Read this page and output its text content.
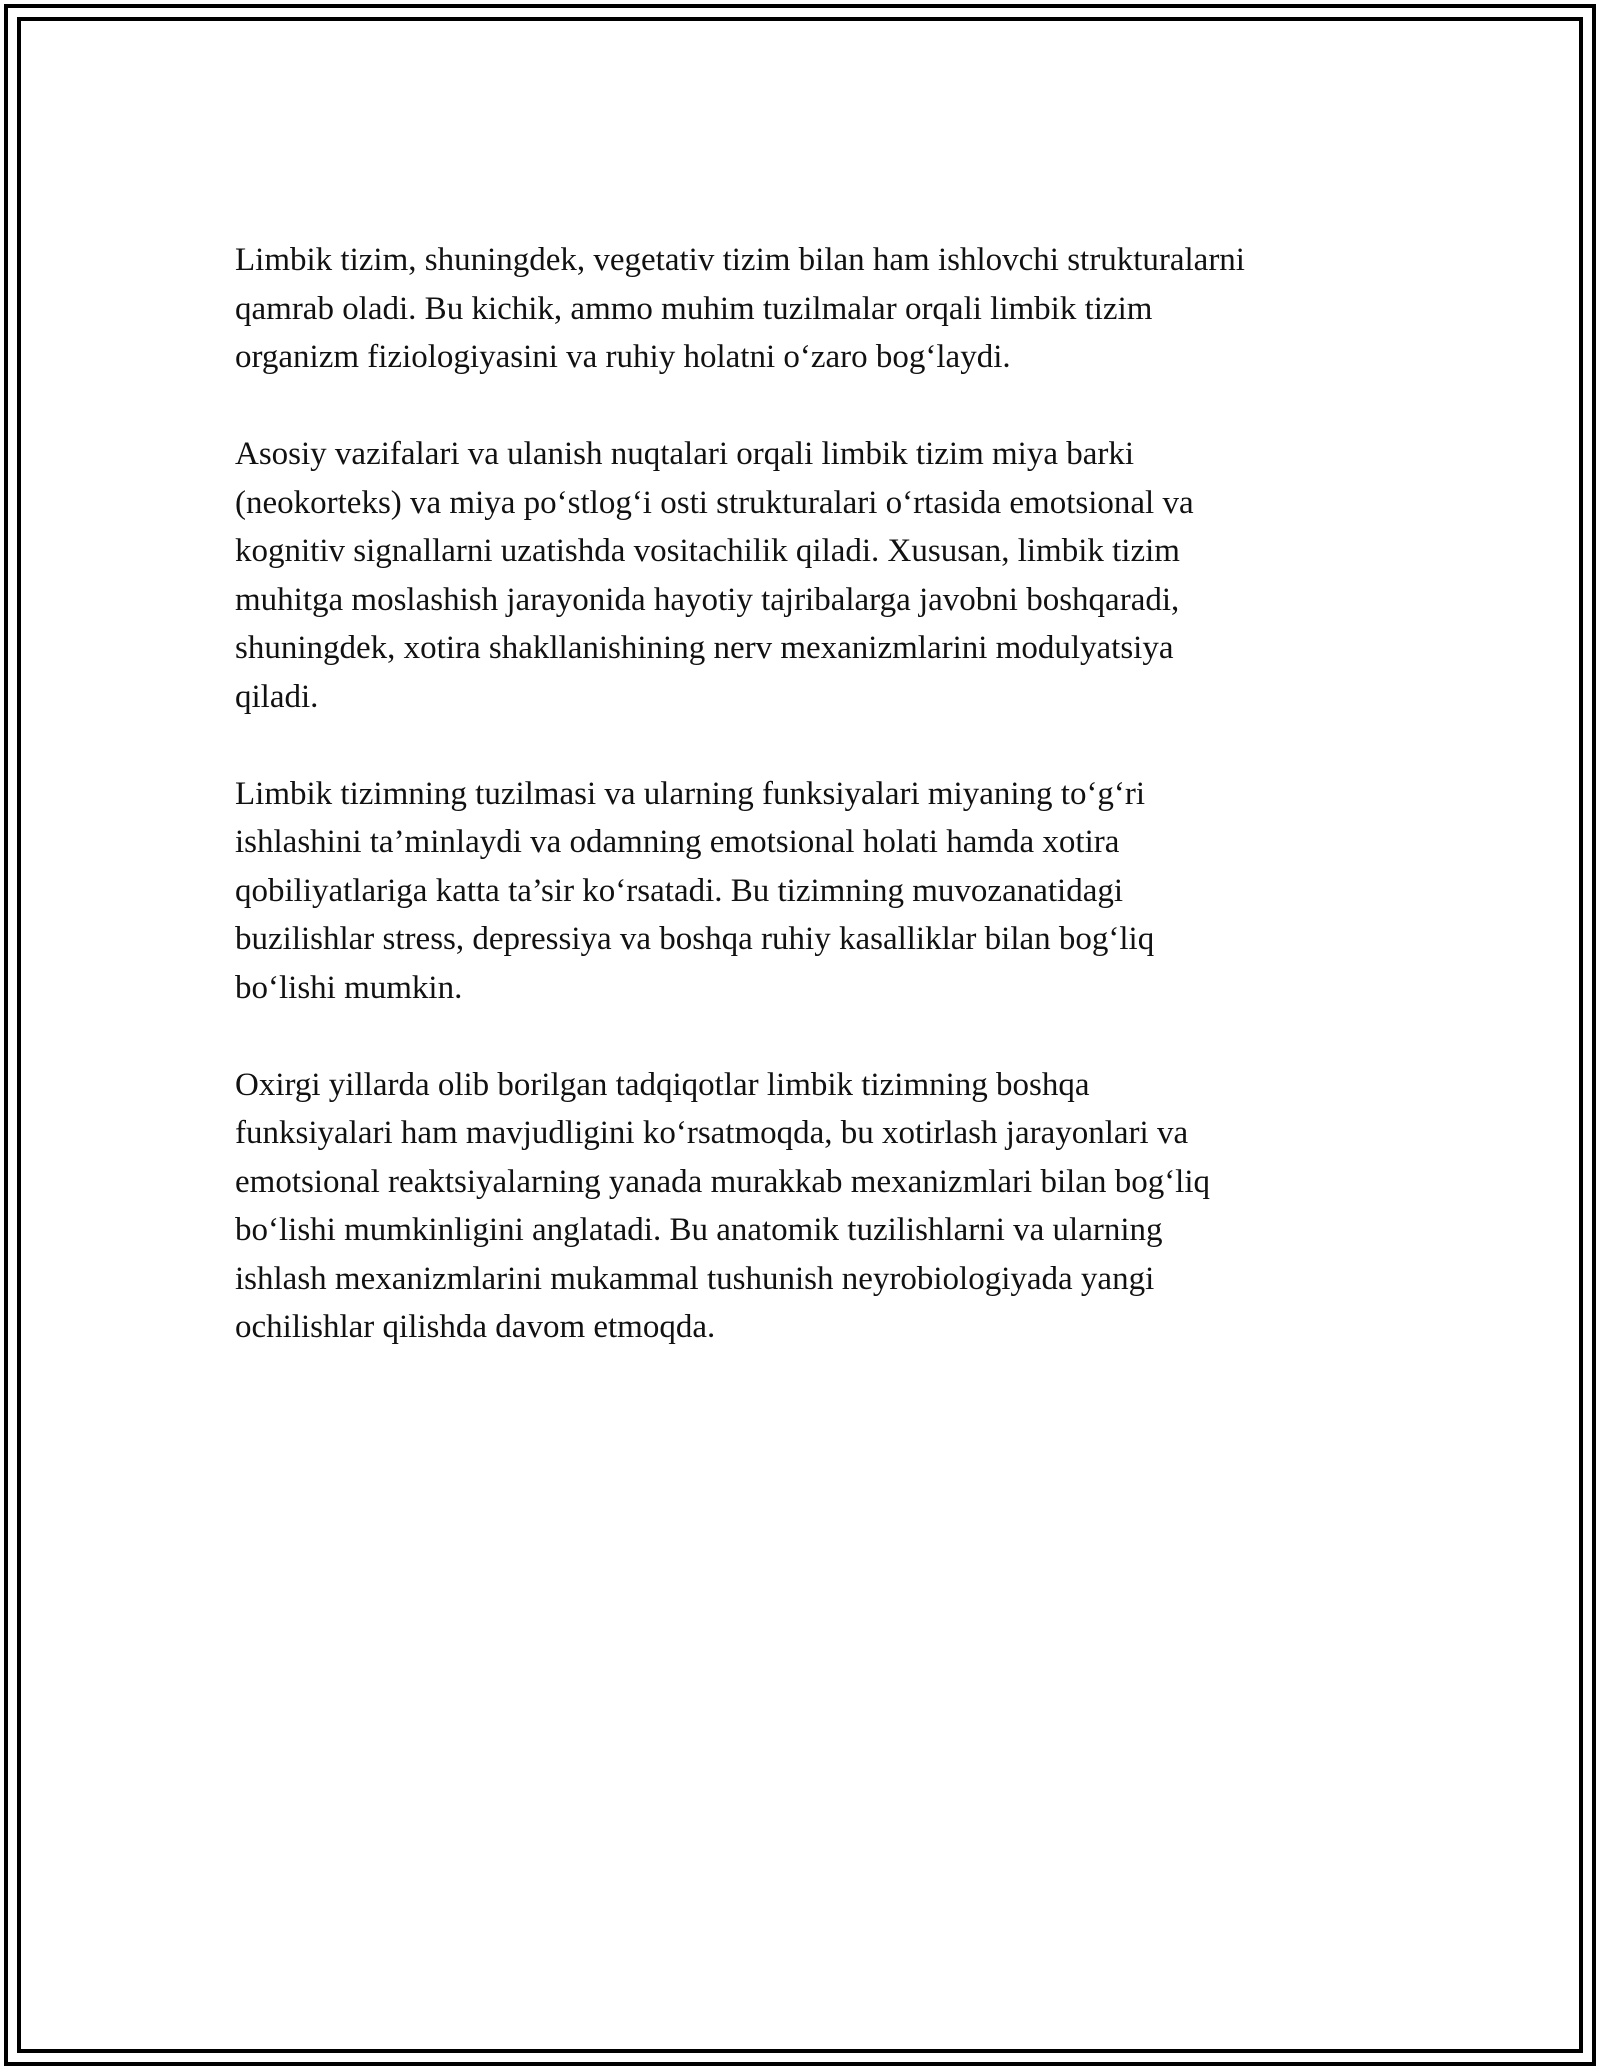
Limbik tizim, shuningdek, vegetativ tizim bilan ham ishlovchi strukturalarni
qamrab oladi. Bu kichik, ammo muhim tuzilmalar orqali limbik tizim
organizm fiziologiyasini va ruhiy holatni o‘zaro bog‘laydi.

Asosiy vazifalari va ulanish nuqtalari orqali limbik tizim miya barki
(neokorteks) va miya po‘stlog‘i osti strukturalari o‘rtasida emotsional va
kognitiv signallarni uzatishda vositachilik qiladi. Xususan, limbik tizim
muhitga moslashish jarayonida hayotiy tajribalarga javobni boshqaradi,
shuningdek, xotira shakllanishining nerv mexanizmlarini modulyatsiya
qiladi.

Limbik tizimning tuzilmasi va ularning funksiyalari miyaning to‘g‘ri
ishlashini ta’minlaydi va odamning emotsional holati hamda xotira
qobiliyatlariga katta ta’sir ko‘rsatadi. Bu tizimning muvozanatidagi
buzilishlar stress, depressiya va boshqa ruhiy kasalliklar bilan bog‘liq
bo‘lishi mumkin.

Oxirgi yillarda olib borilgan tadqiqotlar limbik tizimning boshqa
funksiyalari ham mavjudligini ko‘rsatmoqda, bu xotirlash jarayonlari va
emotsional reaktsiyalarning yanada murakkab mexanizmlari bilan bog‘liq
bo‘lishi mumkinligini anglatadi. Bu anatomik tuzilishlarni va ularning
ishlash mexanizmlarini mukammal tushunish neyrobiologiyada yangi
ochilishlar qilishda davom etmoqda.
